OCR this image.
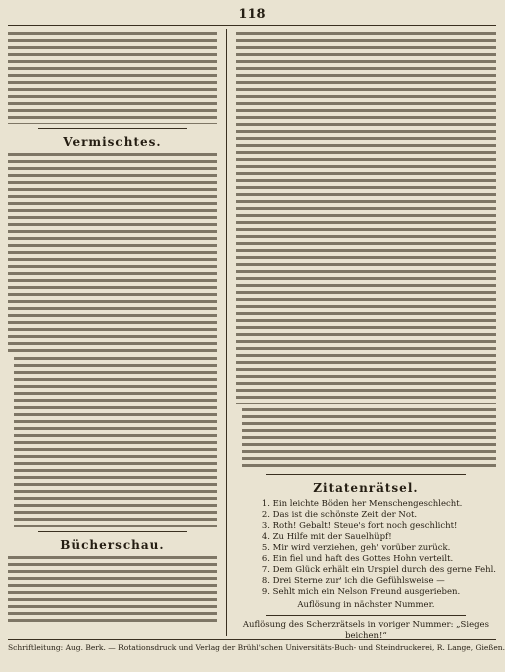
118
Vermischtes.
Bücherschau.
Zitatenrätsel.
1. Ein leichte Böden her Menschengeschlecht.
2. Das ist die schönste Zeit der Not.
3. Roth! Gebalt! Steue's fort noch geschlicht!
4. Zu Hilfe mit der Sauelhüpf!
5. Mir wird verziehen, geh' vorüber zurück.
6. Ein fiel und haft des Gottes Hohn verteilt.
7. Dem Glück erhält ein Urspiel durch des gerne Fehl.
8. Drei Sterne zur' ich die Gefühlsweise —
9. Sehlt mich ein Nelson Freund ausgerieben.
Auflösung in nächster Nummer.
Auflösung des Scherzrätsels in voriger Nummer: „Sieges beichen!“
Schriftleitung: Aug. Berk. — Rotationsdruck und Verlag der Brühl'schen Universitäts-Buch- und Steindruckerei, R. Lange, Gießen.
